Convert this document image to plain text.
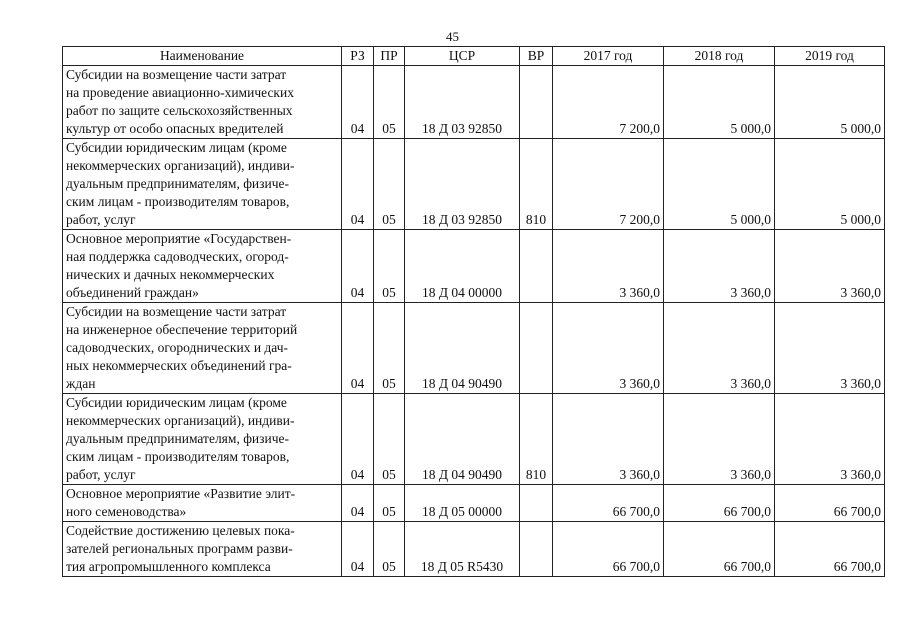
45
Наименование	РЗ	ПР	ЦСР	ВР	2017 год	2018 год	2019 год

Субсидии на возмещение части затрат
на проведение авиационно-химических
работ по защите сельскохозяйственных
культур от особо опасных вредителей	04	05	18 Д 03 92850		7 200,0	5 000,0	5 000,0

Субсидии юридическим лицам (кроме
некоммерческих организаций), индиви-
дуальным предпринимателям, физиче-
ским лицам - производителям товаров,
работ, услуг	04	05	18 Д 03 92850	810	7 200,0	5 000,0	5 000,0

Основное мероприятие «Государствен-
ная поддержка садоводческих, огород-
нических и дачных некоммерческих
объединений граждан»	04	05	18 Д 04 00000		3 360,0	3 360,0	3 360,0

Субсидии на возмещение части затрат
на инженерное обеспечение территорий
садоводческих, огороднических и дач-
ных некоммерческих объединений гра-
ждан	04	05	18 Д 04 90490		3 360,0	3 360,0	3 360,0

Субсидии юридическим лицам (кроме
некоммерческих организаций), индиви-
дуальным предпринимателям, физиче-
ским лицам - производителям товаров,
работ, услуг	04	05	18 Д 04 90490	810	3 360,0	3 360,0	3 360,0

Основное мероприятие «Развитие элит-
ного семеноводства»	04	05	18 Д 05 00000		66 700,0	66 700,0	66 700,0

Содействие достижению целевых пока-
зателей региональных программ разви-
тия агропромышленного комплекса	04	05	18 Д 05 R5430		66 700,0	66 700,0	66 700,0
